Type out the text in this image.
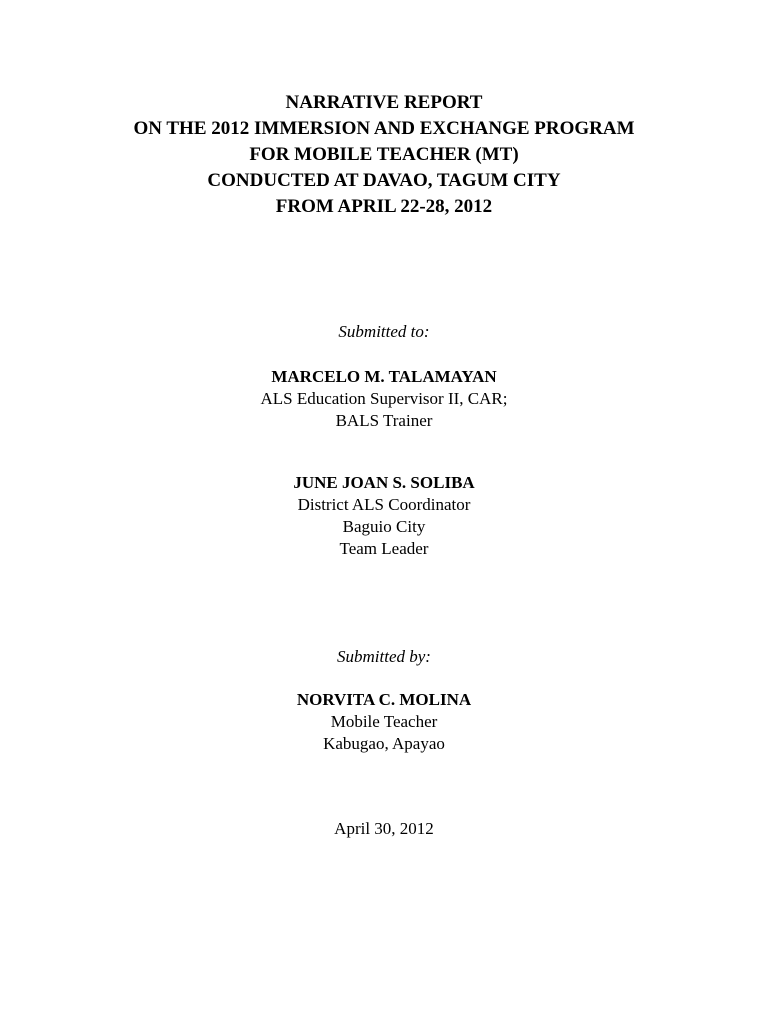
NARRATIVE REPORT
ON THE 2012 IMMERSION AND EXCHANGE PROGRAM
FOR MOBILE TEACHER (MT)
CONDUCTED AT DAVAO, TAGUM CITY
FROM APRIL 22-28, 2012
Submitted to:
MARCELO M. TALAMAYAN
ALS Education Supervisor II, CAR;
BALS Trainer
JUNE JOAN S. SOLIBA
District ALS Coordinator
Baguio City
Team Leader
Submitted by:
NORVITA C. MOLINA
Mobile Teacher
Kabugao, Apayao
April 30, 2012
